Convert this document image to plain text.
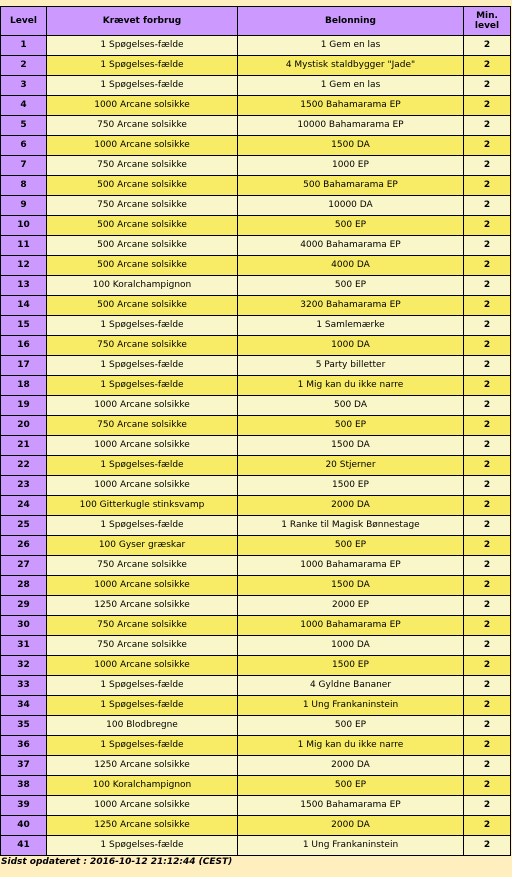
Level	Krævet forbrug	Belonning	Min. level
1	1 Spøgelses-fælde	1 Gem en las	2
2	1 Spøgelses-fælde	4 Mystisk staldbygger "Jade"	2
3	1 Spøgelses-fælde	1 Gem en las	2
4	1000 Arcane solsikke	1500 Bahamarama EP	2
5	750 Arcane solsikke	10000 Bahamarama EP	2
6	1000 Arcane solsikke	1500 DA	2
7	750 Arcane solsikke	1000 EP	2
8	500 Arcane solsikke	500 Bahamarama EP	2
9	750 Arcane solsikke	10000 DA	2
10	500 Arcane solsikke	500 EP	2
11	500 Arcane solsikke	4000 Bahamarama EP	2
12	500 Arcane solsikke	4000 DA	2
13	100 Koralchampignon	500 EP	2
14	500 Arcane solsikke	3200 Bahamarama EP	2
15	1 Spøgelses-fælde	1 Samlemærke	2
16	750 Arcane solsikke	1000 DA	2
17	1 Spøgelses-fælde	5 Party billetter	2
18	1 Spøgelses-fælde	1 Mig kan du ikke narre	2
19	1000 Arcane solsikke	500 DA	2
20	750 Arcane solsikke	500 EP	2
21	1000 Arcane solsikke	1500 DA	2
22	1 Spøgelses-fælde	20 Stjerner	2
23	1000 Arcane solsikke	1500 EP	2
24	100 Gitterkugle stinksvamp	2000 DA	2
25	1 Spøgelses-fælde	1 Ranke til Magisk Bønnestage	2
26	100 Gyser græskar	500 EP	2
27	750 Arcane solsikke	1000 Bahamarama EP	2
28	1000 Arcane solsikke	1500 DA	2
29	1250 Arcane solsikke	2000 EP	2
30	750 Arcane solsikke	1000 Bahamarama EP	2
31	750 Arcane solsikke	1000 DA	2
32	1000 Arcane solsikke	1500 EP	2
33	1 Spøgelses-fælde	4 Gyldne Bananer	2
34	1 Spøgelses-fælde	1 Ung Frankaninstein	2
35	100 Blodbregne	500 EP	2
36	1 Spøgelses-fælde	1 Mig kan du ikke narre	2
37	1250 Arcane solsikke	2000 DA	2
38	100 Koralchampignon	500 EP	2
39	1000 Arcane solsikke	1500 Bahamarama EP	2
40	1250 Arcane solsikke	2000 DA	2
41	1 Spøgelses-fælde	1 Ung Frankaninstein	2
Sidst opdateret : 2016-10-12 21:12:44 (CEST)
